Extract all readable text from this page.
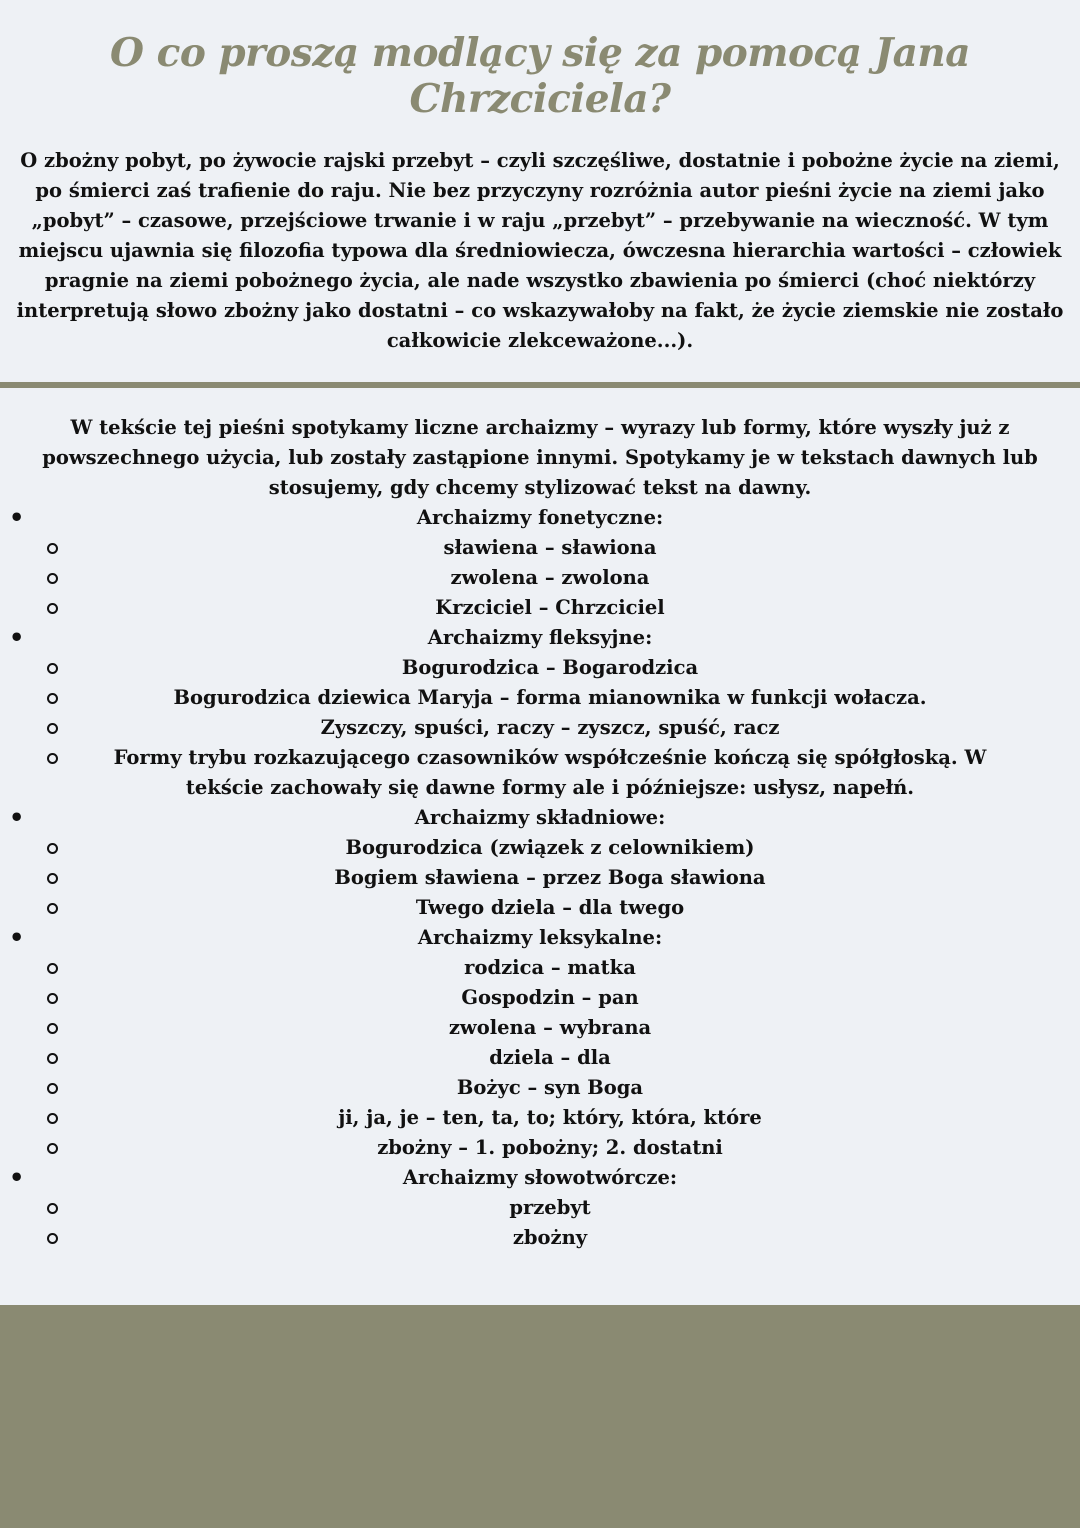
O co proszą modlący się za pomocą Jana Chrzciciela?

O zbożny pobyt, po żywocie rajski przebyt – czyli szczęśliwe, dostatnie i pobożne życie na ziemi, po śmierci zaś trafienie do raju. Nie bez przyczyny rozróżnia autor pieśni życie na ziemi jako „pobyt” – czasowe, przejściowe trwanie i w raju „przebyt” – przebywanie na wieczność. W tym miejscu ujawnia się filozofia typowa dla średniowiecza, ówczesna hierarchia wartości – człowiek pragnie na ziemi pobożnego życia, ale nade wszystko zbawienia po śmierci (choć niektórzy interpretują słowo zbożny jako dostatni – co wskazywałoby na fakt, że życie ziemskie nie zostało całkowicie zlekceważone...).

W tekście tej pieśni spotykamy liczne archaizmy – wyrazy lub formy, które wyszły już z powszechnego użycia, lub zostały zastąpione innymi. Spotykamy je w tekstach dawnych lub stosujemy, gdy chcemy stylizować tekst na dawny.

•	Archaizmy fonetyczne:
sławiena – sławiona
zwolena – zwolona
Krzciciel – Chrzciciel
•	Archaizmy fleksyjne:
Bogurodzica – Bogarodzica
Bogurodzica dziewica Maryja – forma mianownika w funkcji wołacza.
Zyszczy, spuści, raczy – zyszcz, spuść, racz
Formy trybu rozkazującego czasowników współcześnie kończą się spółgłoską. W tekście zachowały się dawne formy ale i późniejsze: usłysz, napełń.
•	Archaizmy składniowe:
Bogurodzica (związek z celownikiem)
Bogiem sławiena – przez Boga sławiona
Twego dziela – dla twego
•	Archaizmy leksykalne:
rodzica – matka
Gospodzin – pan
zwolena – wybrana
dziela – dla
Bożyc – syn Boga
ji, ja, je – ten, ta, to; który, która, które
zbożny – 1. pobożny; 2. dostatni
•	Archaizmy słowotwórcze:
przebyt
zbożny
